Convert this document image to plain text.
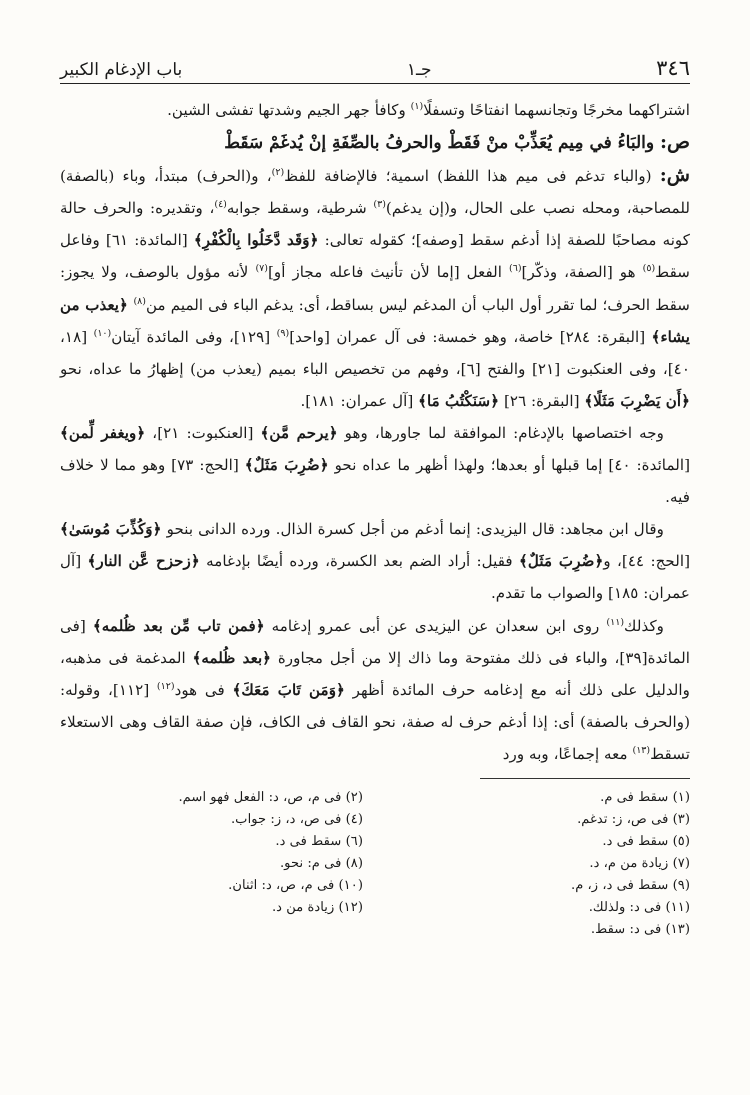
٣٤٦
جـ١
باب الإدغام الكبير

اشتراكهما مخرجًا وتجانسهما انفتاحًا وتسفلًا$^{(١)}$ وكافأ جهر الجيم وشدتها تفشى الشين.

ص: والبَاءُ في مِيم يُعَذِّبْ منْ فَقَطْ والحرفُ بالصِّفَةِ إنْ يُدغَمْ سَقَطْ

ش: (والباء تدغم فى ميم هذا اللفظ) اسمية؛ فالإضافة للفظ$^{(٢)}$، و(الحرف) مبتدأ، وباء (بالصفة) للمصاحبة، ومحله نصب على الحال، و(إن يدغم)$^{(٣)}$ شرطية، وسقط جوابه$^{(٤)}$، وتقديره: والحرف حالة كونه مصاحبًا للصفة إذا أدغم سقط [وصفه]؛ كقوله تعالى: ﴿وَقَد دَّخَلُوا بِالْكُفْرِ﴾ [المائدة: ٦١] وفاعل سقط$^{(٥)}$ هو [الصفة، وذكّر]$^{(٦)}$ الفعل [إما لأن تأنيث فاعله مجاز أو]$^{(٧)}$ لأنه مؤول بالوصف، ولا يجوز: سقط الحرف؛ لما تقرر أول الباب أن المدغم ليس بساقط، أى: يدغم الباء فى الميم من$^{(٨)}$ ﴿يعذب من يشاء﴾ [البقرة: ٢٨٤] خاصة، وهو خمسة: فى آل عمران [واحد]$^{(٩)}$ [١٢٩]، وفى المائدة آيتان$^{(١٠)}$ [١٨، ٤٠]، وفى العنكبوت [٢١] والفتح [٦]، وفهم من تخصيص الباء بميم (يعذب من) إظهارُ ما عداه، نحو ﴿أَن يَضْرِبَ مَثَلًا﴾ [البقرة: ٢٦] ﴿سَنَكْتُبُ مَا﴾ [آل عمران: ١٨١].

وجه اختصاصها بالإدغام: الموافقة لما جاورها، وهو ﴿يرحم مَّن﴾ [العنكبوت: ٢١]، ﴿ويغفر لِّمن﴾ [المائدة: ٤٠] إما قبلها أو بعدها؛ ولهذا أظهر ما عداه نحو ﴿ضُرِبَ مَثَلٌ﴾ [الحج: ٧٣] وهو مما لا خلاف فيه.

وقال ابن مجاهد: قال اليزيدى: إنما أدغم من أجل كسرة الذال. ورده الدانى بنحو ﴿وَكُذِّبَ مُوسَىٰ﴾ [الحج: ٤٤]، و﴿ضُرِبَ مَثَلٌ﴾ فقيل: أراد الضم بعد الكسرة، ورده أيضًا بإدغامه ﴿زحزح عَّن النار﴾ [آل عمران: ١٨٥] والصواب ما تقدم.

وكذلك$^{(١١)}$ روى ابن سعدان عن اليزيدى عن أبى عمرو إدغامه ﴿فمن تاب مِّن بعد ظُلمه﴾ [فى المائدة[٣٩]، والباء فى ذلك مفتوحة وما ذاك إلا من أجل مجاورة ﴿بعد ظُلمه﴾ المدغمة فى مذهبه، والدليل على ذلك أنه مع إدغامه حرف المائدة أظهر ﴿وَمَن تَابَ مَعَكَ﴾ فى هود$^{(١٢)}$ [١١٢]، وقوله: (والحرف بالصفة) أى: إذا أدغم حرف له صفة، نحو القاف فى الكاف، فإن صفة القاف وهى الاستعلاء تسقط$^{(١٣)}$ معه إجماعًا، وبه ورد

(١) سقط فى م.
(٢) فى م، ص، د: الفعل فهو اسم.
(٣) فى ص، ز: تدغم.
(٤) فى ص، د، ز: جواب.
(٥) سقط فى د.
(٦) سقط فى د.
(٧) زيادة من م، د.
(٨) فى م: نحو.
(٩) سقط فى د، ز، م.
(١٠) فى م، ص، د: اثنان.
(١١) فى د: ولذلك.
(١٢) زيادة من د.
(١٣) فى د: سقط.
